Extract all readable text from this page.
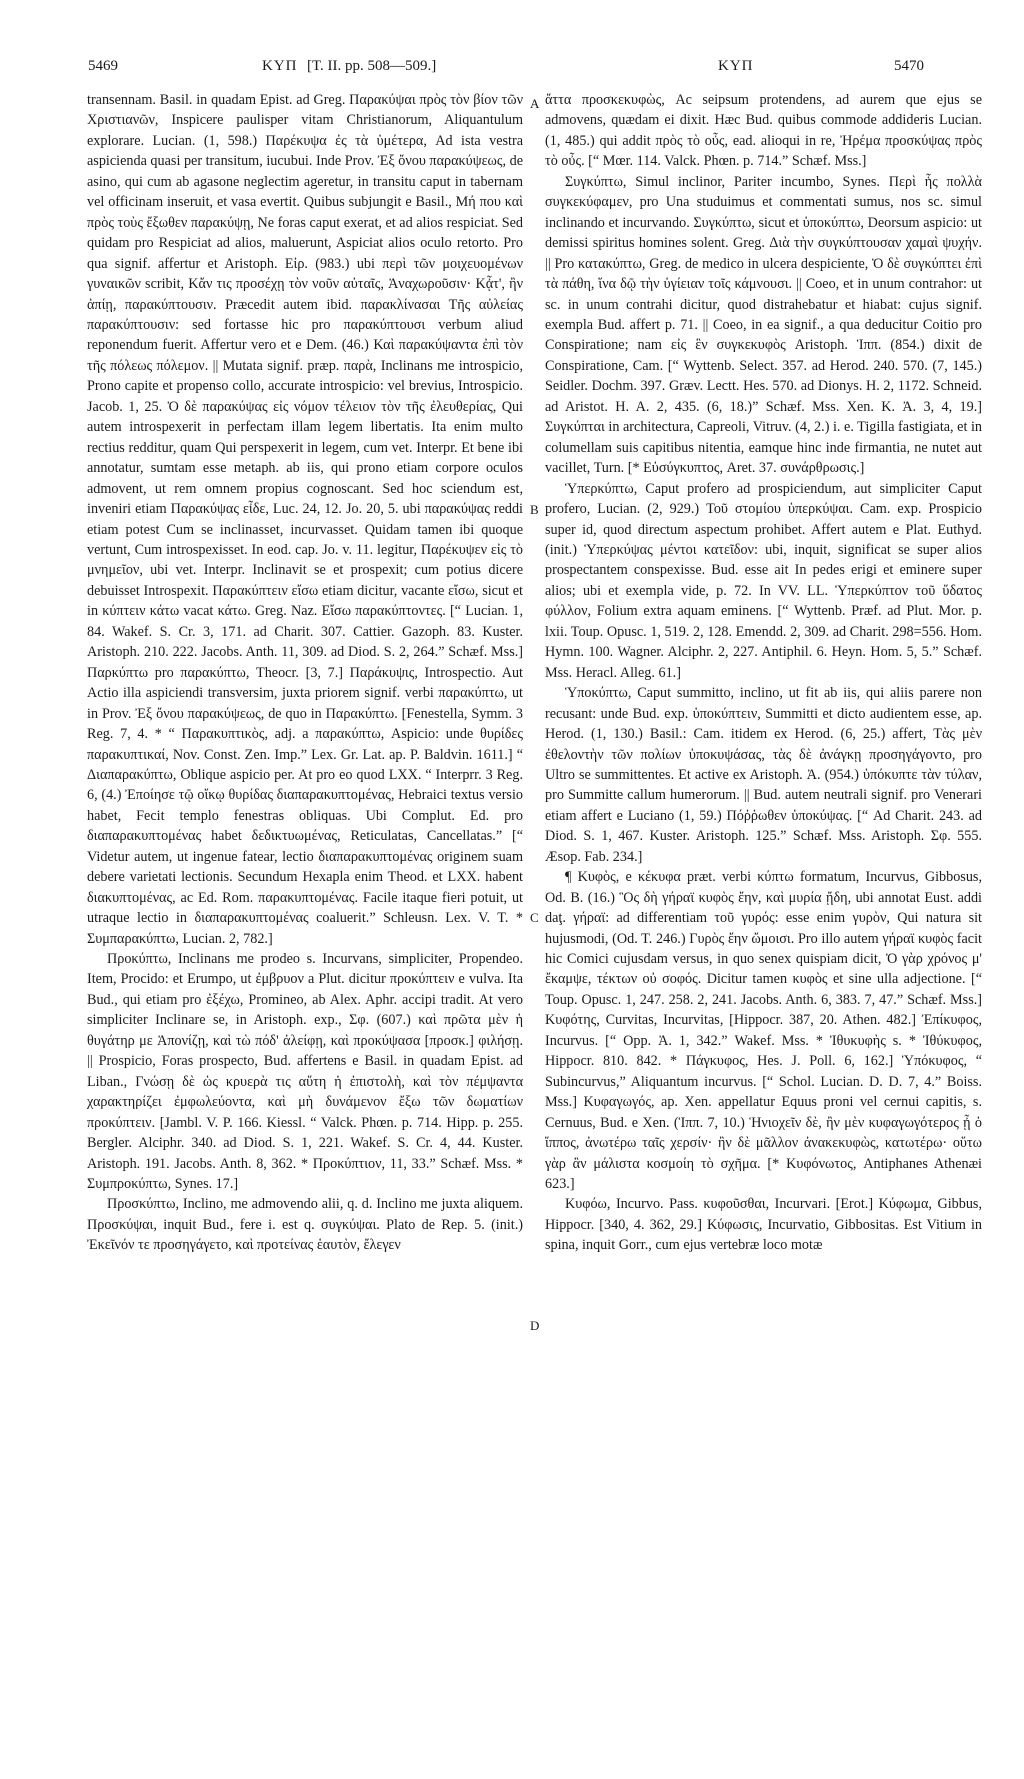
5469	ΚΥΠ [T. II. pp. 508—509.]	ΚΥΠ	5470
A
B
C
D

transennam. Basil. in quadam Epist. ad Greg. Παρακύψαι πρὸς τὸν βίον τῶν Χριστιανῶν, Inspicere paulisper vitam Christianorum, Aliquantulum explorare. Lucian. (1, 598.) Παρέκυψα ἐς τὰ ὑμέτερα, Ad ista vestra aspicienda quasi per transitum, iucubui. Inde Prov. Ἐξ ὄνου παρακύψεως, de asino, qui cum ab agasone neglectim ageretur, in transitu caput in tabernam vel officinam inseruit, et vasa evertit. Quibus subjungit e Basil., Μή που καὶ πρὸς τοὺς ἔξωθεν παρακύψῃ, Ne foras caput exerat, et ad alios respiciat. Sed quidam pro Respiciat ad alios, maluerunt, Aspiciat alios oculo retorto. Pro qua signif. affertur et Aristoph. Εἰρ. (983.) ubi περὶ τῶν μοιχευομένων γυναικῶν scribit, Κἄν τις προσέχῃ τὸν νοῦν αὐταῖς, Ἀναχωροῦσιν· Κᾆτ', ἢν ἀπίῃ, παρακύπτουσιν. Præcedit autem ibid. παρακλίνασαι Τῆς αὐλείας παρακύπτουσιν: sed fortasse hic pro παρακύπτουσι verbum aliud reponendum fuerit. Affertur vero et e Dem. (46.) Καὶ παρακύψαντα ἐπὶ τὸν τῆς πόλεως πόλεμον. || Mutata signif. præp. παρὰ, Inclinans me introspicio, Prono capite et propenso collo, accurate introspicio: vel brevius, Introspicio. Jacob. 1, 25. Ὁ δὲ παρακύψας εἰς νόμον τέλειον τὸν τῆς ἐλευθερίας, Qui autem introspexerit in perfectam illam legem libertatis. Ita enim multo rectius redditur, quam Qui perspexerit in legem, cum vet. Interpr. Et bene ibi annotatur, sumtam esse metaph. ab iis, qui prono etiam corpore oculos admovent, ut rem omnem propius cognoscant. Sed hoc sciendum est, inveniri etiam Παρακύψας εἶδε, Luc. 24, 12. Jo. 20, 5. ubi παρακύψας reddi etiam potest Cum se inclinasset, incurvasset. Quidam tamen ibi quoque vertunt, Cum introspexisset. In eod. cap. Jo. v. 11. legitur, Παρέκυψεν εἰς τὸ μνημεῖον, ubi vet. Interpr. Inclinavit se et prospexit; cum potius dicere debuisset Introspexit. Παρακύπτειν εἴσω etiam dicitur, vacante εἴσω, sicut et in κύπτειν κάτω vacat κάτω. Greg. Naz. Εἴσω παρακύπτοντες. [“ Lucian. 1, 84. Wakef. S. Cr. 3, 171. ad Charit. 307. Cattier. Gazoph. 83. Kuster. Aristoph. 210. 222. Jacobs. Anth. 11, 309. ad Diod. S. 2, 264.” Schæf. Mss.] Παρκύπτω pro παρακύπτω, Theocr. [3, 7.] Παράκυψις, Introspectio. Aut Actio illa aspiciendi transversim, juxta priorem signif. verbi παρακύπτω, ut in Prov. Ἐξ ὄνου παρακύψεως, de quo in Παρακύπτω. [Fenestella, Symm. 3 Reg. 7, 4. * “ Παρακυπτικὸς, adj. a παρακύπτω, Aspicio: unde θυρίδες παρακυπτικαί, Nov. Const. Zen. Imp.” Lex. Gr. Lat. ap. P. Baldvin. 1611.] “ Διαπαρακύπτω, Oblique aspicio per. At pro eo quod LXX. “ Interprr. 3 Reg. 6, (4.) Ἐποίησε τῷ οἴκῳ θυρίδας διαπαρακυπτομένας, Hebraici textus versio habet, Fecit templo fenestras obliquas. Ubi Complut. Ed. pro διαπαρακυπτομένας habet δεδικτυωμένας, Reticulatas, Cancellatas.” [“ Videtur autem, ut ingenue fatear, lectio διαπαρακυπτομένας originem suam debere varietati lectionis. Secundum Hexapla enim Theod. et LXX. habent διακυπτομένας, ac Ed. Rom. παρακυπτομένας. Facile itaque fieri potuit, ut utraque lectio in διαπαρακυπτομένας coaluerit.” Schleusn. Lex. V. T. * Συμπαρακύπτω, Lucian. 2, 782.]

Προκύπτω, Inclinans me prodeo s. Incurvans, simpliciter, Propendeo. Item, Procido: et Erumpo, ut ἐμβρυον a Plut. dicitur προκύπτειν e vulva. Ita Bud., qui etiam pro ἐξέχω, Promineo, ab Alex. Aphr. accipi tradit. At vero simpliciter Inclinare se, in Aristoph. exp., Σφ. (607.) καὶ πρῶτα μὲν ἡ θυγάτηρ με Ἀπονίζῃ, καὶ τὼ πόδ' ἀλείφῃ, καὶ προκύψασα [προσκ.] φιλήσῃ. || Prospicio, Foras prospecto, Bud. affertens e Basil. in quadam Epist. ad Liban., Γνώσῃ δὲ ὡς κρυερὰ τις αὕτη ἡ ἐπιστολὴ, καὶ τὸν πέμψαντα χαρακτηρίζει ἐμφωλεύοντα, καὶ μὴ δυνάμενον ἔξω τῶν δωματίων προκύπτειν. [Jambl. V. P. 166. Kiessl. “ Valck. Phœn. p. 714. Hipp. p. 255. Bergler. Alciphr. 340. ad Diod. S. 1, 221. Wakef. S. Cr. 4, 44. Kuster. Aristoph. 191. Jacobs. Anth. 8, 362. * Προκύπτιον, 11, 33.” Schæf. Mss. * Συμπροκύπτω, Synes. 17.]

Προσκύπτω, Inclino, me admovendo alii, q. d. Inclino me juxta aliquem. Προσκύψαι, inquit Bud., fere i. est q. συγκύψαι. Plato de Rep. 5. (init.) Ἐκεῖνόν τε προσηγάγετο, καὶ προτείνας ἑαυτὸν, ἔλεγεν

ἄττα προσκεκυφὼς, Ac seipsum protendens, ad aurem que ejus se admovens, quædam ei dixit. Hæc Bud. quibus commode addideris Lucian. (1, 485.) qui addit πρὸς τὸ οὖς, ead. alioqui in re, Ἠρέμα προσκύψας πρὸς τὸ οὖς. [“ Mœr. 114. Valck. Phœn. p. 714.” Schæf. Mss.]

Συγκύπτω, Simul inclinor, Pariter incumbo, Synes. Περὶ ἧς πολλὰ συγκεκύφαμεν, pro Una studuimus et commentati sumus, nos sc. simul inclinando et incurvando. Συγκύπτω, sicut et ὑποκύπτω, Deorsum aspicio: ut demissi spiritus homines solent. Greg. Διὰ τὴν συγκύπτουσαν χαμαὶ ψυχήν. || Pro κατακύπτω, Greg. de medico in ulcera despiciente, Ὁ δὲ συγκύπτει ἐπὶ τὰ πάθη, ἵνα δῷ τὴν ὑγίειαν τοῖς κάμνουσι. || Coeo, et in unum contrahor: ut sc. in unum contrahi dicitur, quod distrahebatur et hiabat: cujus signif. exempla Bud. affert p. 71. || Coeo, in ea signif., a qua deducitur Coitio pro Conspiratione; nam εἰς ἓν συγκεκυφὸς Aristoph. Ἱππ. (854.) dixit de Conspiratione, Cam. [“ Wyttenb. Select. 357. ad Herod. 240. 570. (7, 145.) Seidler. Dochm. 397. Græv. Lectt. Hes. 570. ad Dionys. H. 2, 1172. Schneid. ad Aristot. H. A. 2, 435. (6, 18.)” Schæf. Mss. Xen. K. Ἀ. 3, 4, 19.] Συγκύπται in architectura, Capreoli, Vitruv. (4, 2.) i. e. Tigilla fastigiata, et in columellam suis capitibus nitentia, eamque hinc inde firmantia, ne nutet aut vacillet, Turn. [* Εὐσύγκυπτος, Aret. 37. συνάρθρωσις.]

Ὑπερκύπτω, Caput profero ad prospiciendum, aut simpliciter Caput profero, Lucian. (2, 929.) Τοῦ στομίου ὑπερκύψαι. Cam. exp. Prospicio super id, quod directum aspectum prohibet. Affert autem e Plat. Euthyd. (init.) Ὑπερκύψας μέντοι κατεῖδον: ubi, inquit, significat se super alios prospectantem conspexisse. Bud. esse ait In pedes erigi et eminere super alios; ubi et exempla vide, p. 72. In VV. LL. Ὑπερκύπτον τοῦ ὕδατος φύλλον, Folium extra aquam eminens. [“ Wyttenb. Præf. ad Plut. Mor. p. lxii. Toup. Opusc. 1, 519. 2, 128. Emendd. 2, 309. ad Charit. 298=556. Hom. Hymn. 100. Wagner. Alciphr. 2, 227. Antiphil. 6. Heyn. Hom. 5, 5.” Schæf. Mss. Heracl. Alleg. 61.]

Ὑποκύπτω, Caput summitto, inclino, ut fit ab iis, qui aliis parere non recusant: unde Bud. exp. ὑποκύπτειν, Summitti et dicto audientem esse, ap. Herod. (1, 130.) Basil.: Cam. itidem ex Herod. (6, 25.) affert, Τὰς μὲν ἐθελοντὴν τῶν πολίων ὑποκυψάσας, τὰς δὲ ἀνάγκῃ προσηγάγοντο, pro Ultro se summittentes. Et active ex Aristoph. Ἀ. (954.) ὑπόκυπτε τὰν τύλαν, pro Summitte callum humerorum. || Bud. autem neutrali signif. pro Venerari etiam affert e Luciano (1, 59.) Πόῤῥωθεν ὑποκύψας. [“ Ad Charit. 243. ad Diod. S. 1, 467. Kuster. Aristoph. 125.” Schæf. Mss. Aristoph. Σφ. 555. Æsop. Fab. 234.]

¶ Κυφὸς, e κέκυφα præt. verbi κύπτω formatum, Incurvus, Gibbosus, Od. B. (16.) Ὃς δὴ γήραϊ κυφὸς ἔην, καὶ μυρία ᾔδη, ubi annotat Eust. addi daţ. γήραϊ: ad differentiam τοῦ γυρός: esse enim γυρὸν, Qui natura sit hujusmodi, (Od. T. 246.) Γυρὸς ἔην ὤμοισι. Pro illo autem γήραϊ κυφὸς facit hic Comici cujusdam versus, in quo senex quispiam dicit, Ὁ γὰρ χρόνος μ' ἔκαμψε, τέκτων οὐ σοφός. Dicitur tamen κυφὸς et sine ulla adjectione. [“ Toup. Opusc. 1, 247. 258. 2, 241. Jacobs. Anth. 6, 383. 7, 47.” Schæf. Mss.] Κυφότης, Curvitas, Incurvitas, [Hippocr. 387, 20. Athen. 482.] Ἐπίκυφος, Incurvus. [“ Opp. Ἀ. 1, 342.” Wakef. Mss. * Ἰθυκυφὴς s. * Ἰθύκυφος, Hippocr. 810. 842. * Πάγκυφος, Hes. J. Poll. 6, 162.] Ὑπόκυφος, “ Subincurvus,” Aliquantum incurvus. [“ Schol. Lucian. D. D. 7, 4.” Boiss. Mss.] Κυφαγωγός, ap. Xen. appellatur Equus proni vel cernui capitis, s. Cernuus, Bud. e Xen. (Ἱππ. 7, 10.) Ἡνιοχεῖν δὲ, ἢν μὲν κυφαγωγότερος ᾖ ὁ ἵππος, ἀνωτέρω ταῖς χερσίν· ἢν δὲ μᾶλλον ἀνακεκυφὼς, κατωτέρω· οὕτω γὰρ ἂν μάλιστα κοσμοίη τὸ σχῆμα. [* Κυφόνωτος, Antiphanes Athenæi 623.]

Κυφόω, Incurvo. Pass. κυφοῦσθαι, Incurvari. [Erot.] Κύφωμα, Gibbus, Hippocr. [340, 4. 362, 29.] Κύφωσις, Incurvatio, Gibbositas. Est Vitium in spina, inquit Gorr., cum ejus vertebræ loco motæ
